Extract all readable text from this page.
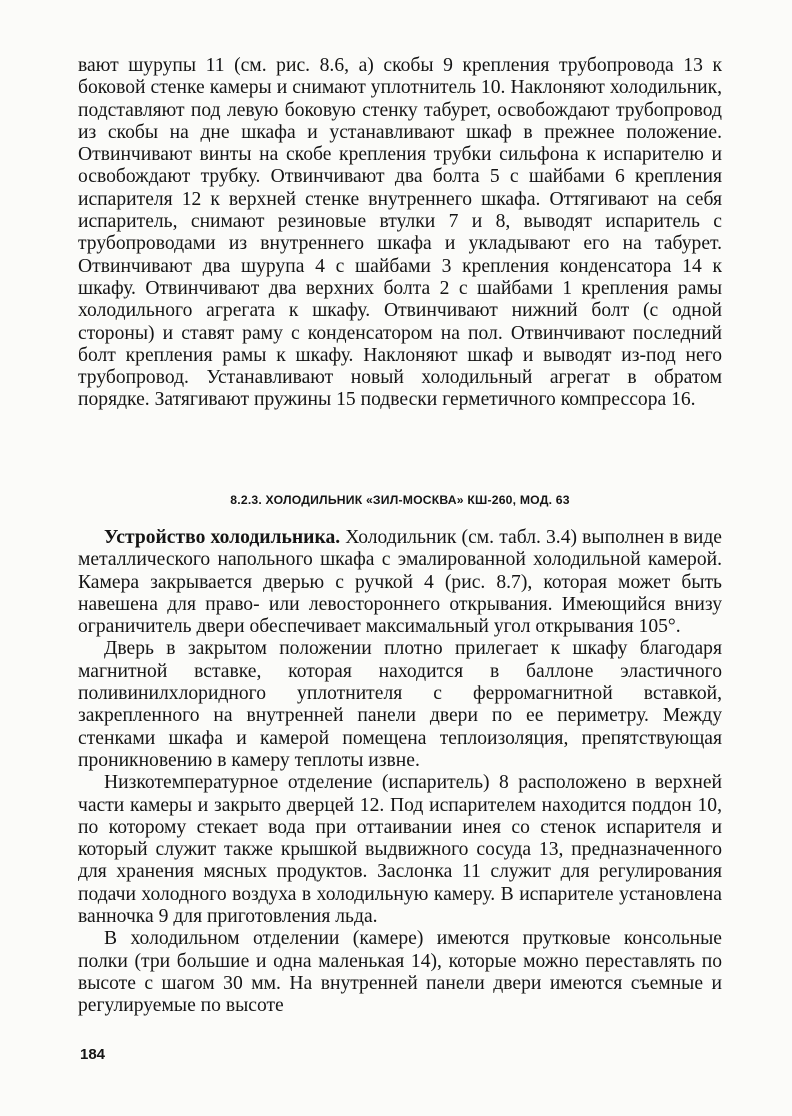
вают шурупы 11 (см. рис. 8.6, а) скобы 9 крепления трубопровода 13 к боковой стенке камеры и снимают уплотнитель 10. Наклоняют холодильник, подставляют под левую боковую стенку табурет, освобождают трубопровод из скобы на дне шкафа и устанавливают шкаф в прежнее положение. Отвинчивают винты на скобе крепления трубки сильфона к испарителю и освобождают трубку. Отвинчивают два болта 5 с шайбами 6 крепления испарителя 12 к верхней стенке внутреннего шкафа. Оттягивают на себя испаритель, снимают резиновые втулки 7 и 8, выводят испаритель с трубопроводами из внутреннего шкафа и укладывают его на табурет. Отвинчивают два шурупа 4 с шайбами 3 крепления конденсатора 14 к шкафу. Отвинчивают два верхних болта 2 с шайбами 1 крепления рамы холодильного агрегата к шкафу. Отвинчивают нижний болт (с одной стороны) и ставят раму с конденсатором на пол. Отвинчивают последний болт крепления рамы к шкафу. Наклоняют шкаф и выводят из-под него трубопровод. Устанавливают новый холодильный агрегат в обратом порядке. Затягивают пружины 15 подвески герметичного компрессора 16.

8.2.3. ХОЛОДИЛЬНИК «ЗИЛ-МОСКВА» КШ-260, МОД. 63

Устройство холодильника. Холодильник (см. табл. 3.4) выполнен в виде металлического напольного шкафа с эмалированной холодильной камерой. Камера закрывается дверью с ручкой 4 (рис. 8.7), которая может быть навешена для право- или левостороннего открывания. Имеющийся внизу ограничитель двери обеспечивает максимальный угол открывания 105°.

Дверь в закрытом положении плотно прилегает к шкафу благодаря магнитной вставке, которая находится в баллоне эластичного поливинилхлоридного уплотнителя с ферромагнитной вставкой, закрепленного на внутренней панели двери по ее периметру. Между стенками шкафа и камерой помещена теплоизоляция, препятствующая проникновению в камеру теплоты извне.

Низкотемпературное отделение (испаритель) 8 расположено в верхней части камеры и закрыто дверцей 12. Под испарителем находится поддон 10, по которому стекает вода при оттаивании инея со стенок испарителя и который служит также крышкой выдвижного сосуда 13, предназначенного для хранения мясных продуктов. Заслонка 11 служит для регулирования подачи холодного воздуха в холодильную камеру. В испарителе установлена ванночка 9 для приготовления льда.

В холодильном отделении (камере) имеются прутковые консольные полки (три большие и одна маленькая 14), которые можно переставлять по высоте с шагом 30 мм. На внутренней панели двери имеются съемные и регулируемые по высоте

184
